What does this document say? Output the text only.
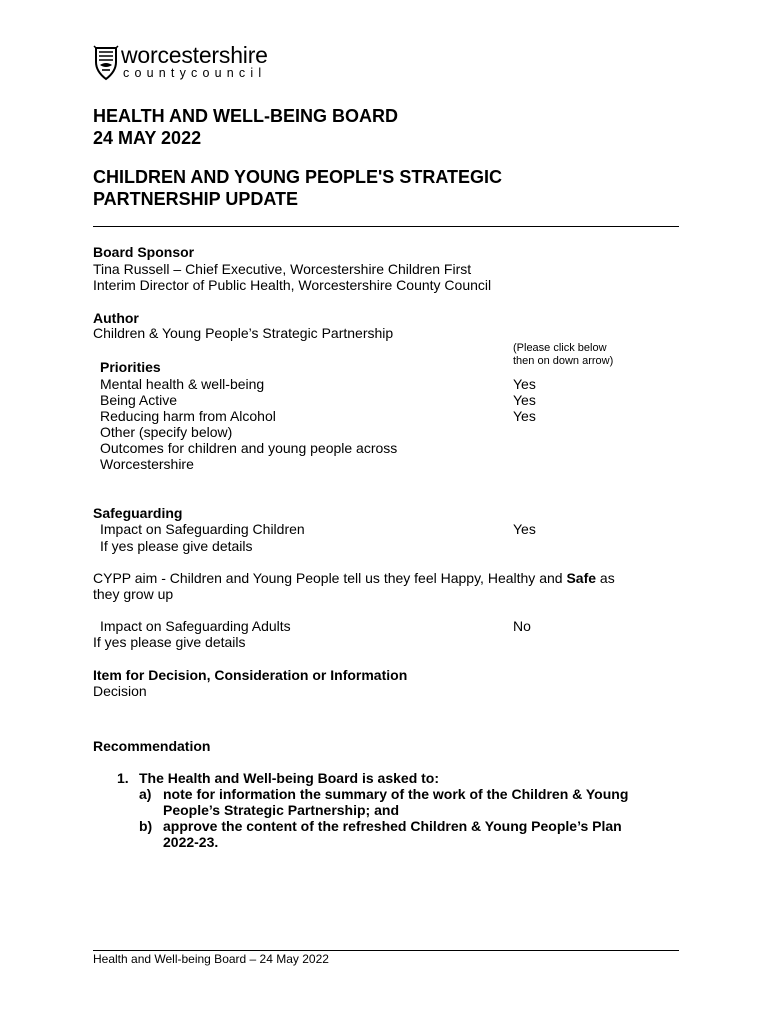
worcestershire
countycouncil
HEALTH AND WELL-BEING BOARD
24 MAY 2022
CHILDREN AND YOUNG PEOPLE'S STRATEGIC
PARTNERSHIP UPDATE
Board Sponsor
Tina Russell – Chief Executive, Worcestershire Children First
Interim Director of Public Health, Worcestershire County Council
Author
Children & Young People’s Strategic Partnership
(Please click below
then on down arrow)
Priorities
Mental health & well-being	Yes
Being Active	Yes
Reducing harm from Alcohol	Yes
Other (specify below)
Outcomes for children and young people across
Worcestershire
Safeguarding
Impact on Safeguarding Children	Yes
If yes please give details
CYPP aim - Children and Young People tell us they feel Happy, Healthy and Safe as
they grow up
Impact on Safeguarding Adults	No
If yes please give details
Item for Decision, Consideration or Information
Decision
Recommendation
1. The Health and Well-being Board is asked to:
a) note for information the summary of the work of the Children & Young
People’s Strategic Partnership; and
b) approve the content of the refreshed Children & Young People’s Plan
2022-23.
Health and Well-being Board – 24 May 2022
